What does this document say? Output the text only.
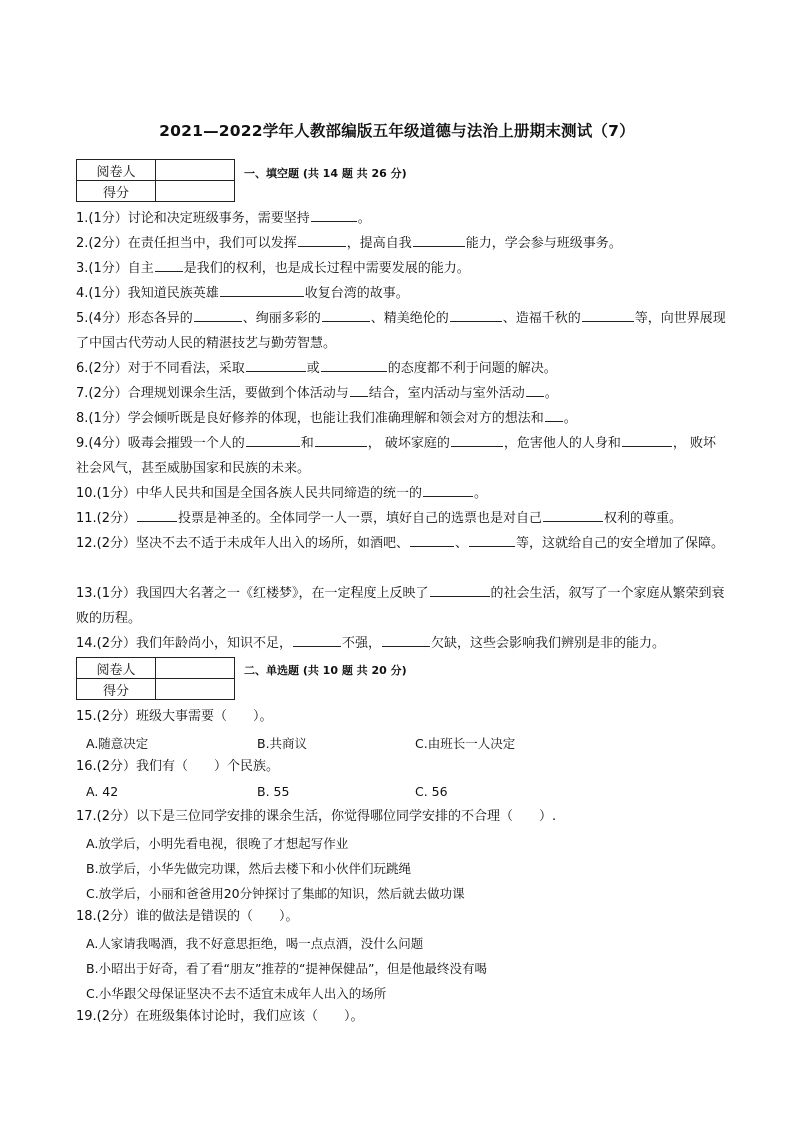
2021—2022学年人教部编版五年级道德与法治上册期末测试（7）
阅卷人	
得分	
一、填空题 (共 14 题 共 26 分)
1.(1分）讨论和决定班级事务，需要坚持	。
2.(2分）在责任担当中，我们可以发挥	，提高自我	能力，学会参与班级事务。
3.(1分）自主 是我们的权利，也是成长过程中需要发展的能力。
4.(1分）我知道民族英雄	收复台湾的故事。
5.(4分）形态各异的	、绚丽多彩的	、精美绝伦的	、造福千秋的	等，向世界展现了中国古代劳动人民的精湛技艺与勤劳智慧。
6.(2分）对于不同看法，采取	或	的态度都不利于问题的解决。
7.(2分）合理规划课余生活，要做到个体活动与 结合，室内活动与室外活动 。
8.(1分）学会倾听既是良好修养的体现，也能让我们准确理解和领会对方的想法和 。
9.(4分）吸毒会摧毁一个人的	和	， 破坏家庭的	，危害他人的人身和	， 败坏社会风气，甚至威胁国家和民族的未来。
10.(1分）中华人民共和国是全国各族人民共同缔造的统一的	。
11.(2分）	投票是神圣的。全体同学一人一票，填好自己的选票也是对自己	权利的尊重。
12.(2分）坚决不去不适于未成年人出入的场所，如酒吧、	、	等，这就给自己的安全增加了保障。
13.(1分）我国四大名著之一《红楼梦》，在一定程度上反映了	的社会生活，叙写了一个家庭从繁荣到衰败的历程。
14.(2分）我们年龄尚小，知识不足，	不强，	欠缺，这些会影响我们辨别是非的能力。
阅卷人	
得分	
二、单选题 (共 10 题 共 20 分)
15.(2分）班级大事需要（　　）。
A.随意决定	B.共商议	C.由班长一人决定
16.(2分）我们有（　　）个民族。
A. 42	B. 55	C. 56
17.(2分）以下是三位同学安排的课余生活，你觉得哪位同学安排的不合理（　　）.
A.放学后，小明先看电视，很晚了才想起写作业
B.放学后，小华先做完功课，然后去楼下和小伙伴们玩跳绳
C.放学后，小丽和爸爸用20分钟探讨了集邮的知识，然后就去做功课
18.(2分）谁的做法是错误的（　　）。
A.人家请我喝酒，我不好意思拒绝，喝一点点酒，没什么问题
B.小昭出于好奇，看了看“朋友”推荐的“提神保健品”，但是他最终没有喝
C.小华跟父母保证坚决不去不适宜未成年人出入的场所
19.(2分）在班级集体讨论时，我们应该（　　）。
